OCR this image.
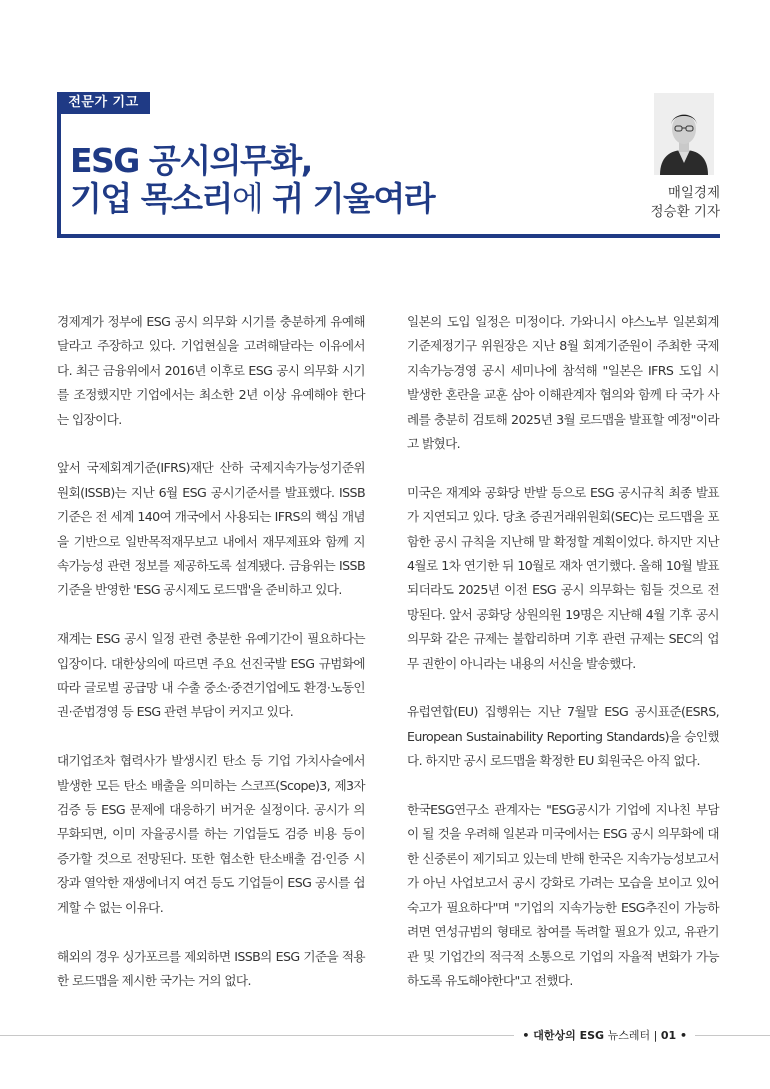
전문가 기고
ESG 공시의무화,
기업 목소리에 귀 기울여라	매일경제
정승환 기자

경제계가 정부에 ESG 공시 의무화 시기를 충분하게 유예해 달라고 주장하고 있다. 기업현실을 고려해달라는 이유에서다. 최근 금융위에서 2016년 이후로 ESG 공시 의무화 시기를 조정했지만 기업에서는 최소한 2년 이상 유예해야 한다는 입장이다.

앞서 국제회계기준(IFRS)재단 산하 국제지속가능성기준위원회(ISSB)는 지난 6월 ESG 공시기준서를 발표했다. ISSB 기준은 전 세계 140여 개국에서 사용되는 IFRS의 핵심 개념을 기반으로 일반목적재무보고 내에서 재무제표와 함께 지속가능성 관련 정보를 제공하도록 설계됐다. 금융위는 ISSB 기준을 반영한 'ESG 공시제도 로드맵'을 준비하고 있다.

재계는 ESG 공시 일정 관련 충분한 유예기간이 필요하다는 입장이다. 대한상의에 따르면 주요 선진국발 ESG 규범화에 따라 글로벌 공급망 내 수출 중소·중견기업에도 환경·노동인권·준법경영 등 ESG 관련 부담이 커지고 있다.

대기업조차 협력사가 발생시킨 탄소 등 기업 가치사슬에서 발생한 모든 탄소 배출을 의미하는 스코프(Scope)3, 제3자 검증 등 ESG 문제에 대응하기 버거운 실정이다. 공시가 의무화되면, 이미 자율공시를 하는 기업들도 검증 비용 등이 증가할 것으로 전망된다. 또한 협소한 탄소배출 검·인증 시장과 열악한 재생에너지 여건 등도 기업들이 ESG 공시를 쉽게할 수 없는 이유다.

해외의 경우 싱가포르를 제외하면 ISSB의 ESG 기준을 적용한 로드맵을 제시한 국가는 거의 없다.

일본의 도입 일정은 미정이다. 가와니시 야스노부 일본회계기준제정기구 위원장은 지난 8월 회계기준원이 주최한 국제 지속가능경영 공시 세미나에 참석해 "일본은 IFRS 도입 시 발생한 혼란을 교훈 삼아 이해관계자 협의와 함께 타 국가 사례를 충분히 검토해 2025년 3월 로드맵을 발표할 예정"이라고 밝혔다.

미국은 재계와 공화당 반발 등으로 ESG 공시규칙 최종 발표가 지연되고 있다. 당초 증권거래위원회(SEC)는 로드맵을 포함한 공시 규칙을 지난해 말 확정할 계획이었다. 하지만 지난 4월로 1차 연기한 뒤 10월로 재차 연기했다. 올해 10월 발표되더라도 2025년 이전 ESG 공시 의무화는 힘들 것으로 전망된다. 앞서 공화당 상원의원 19명은 지난해 4월 기후 공시 의무화 같은 규제는 불합리하며 기후 관련 규제는 SEC의 업무 권한이 아니라는 내용의 서신을 발송했다.

유럽연합(EU) 집행위는 지난 7월말 ESG 공시표준(ESRS, European Sustainability Reporting Standards)을 승인했다. 하지만 공시 로드맵을 확정한 EU 회원국은 아직 없다.

한국ESG연구소 관계자는 "ESG공시가 기업에 지나친 부담이 될 것을 우려해 일본과 미국에서는 ESG 공시 의무화에 대한 신중론이 제기되고 있는데 반해 한국은 지속가능성보고서가 아닌 사업보고서 공시 강화로 가려는 모습을 보이고 있어 숙고가 필요하다"며 "기업의 지속가능한 ESG추진이 가능하려면 연성규범의 형태로 참여를 독려할 필요가 있고, 유관기관 및 기업간의 적극적 소통으로 기업의 자율적 변화가 가능하도록 유도해야한다"고 전했다.

• 대한상의 ESG 뉴스레터 | 01 •
